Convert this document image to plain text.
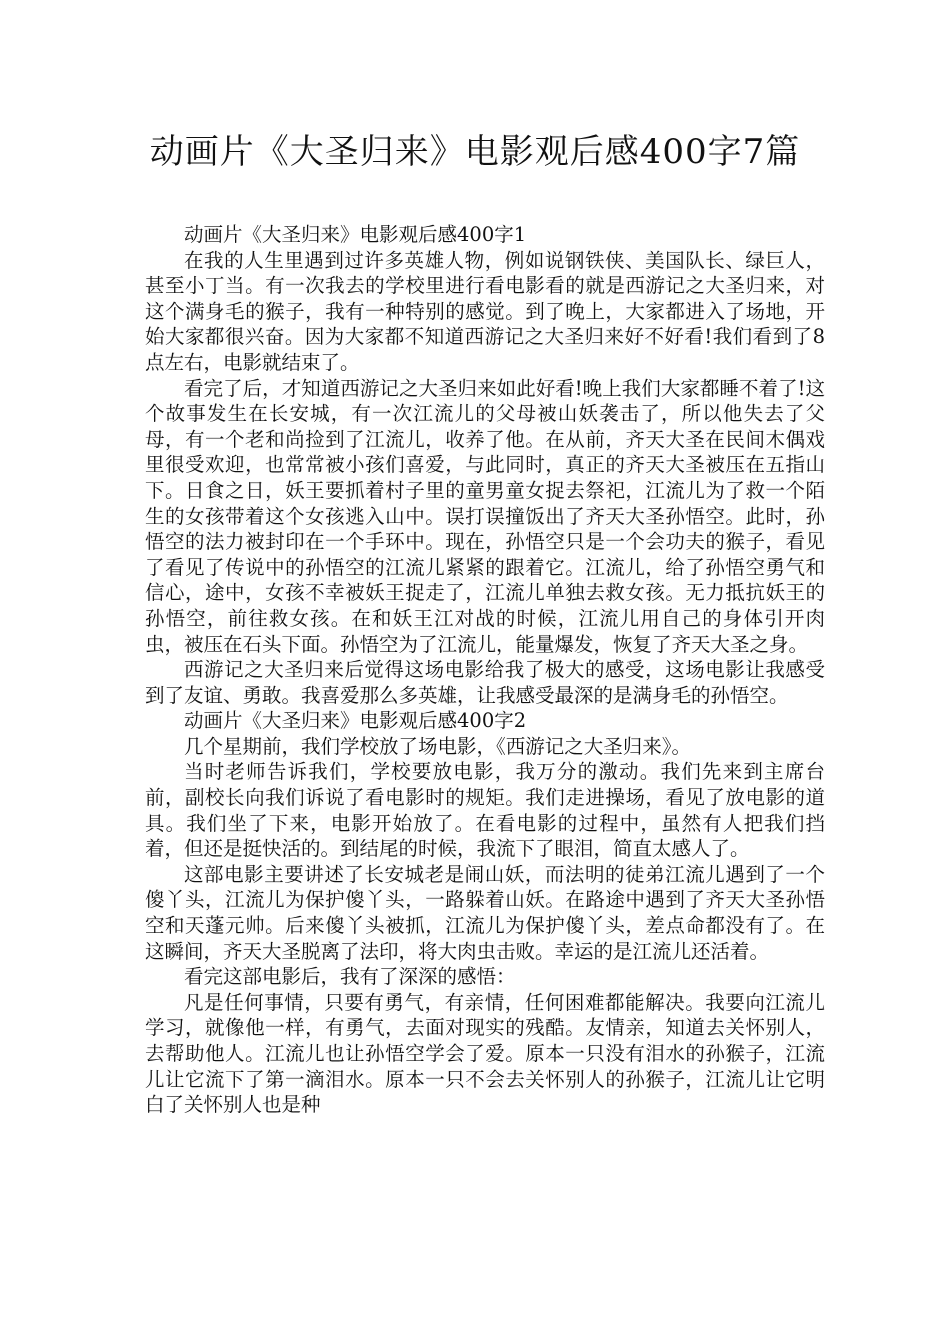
动画片《大圣归来》电影观后感400字7篇

动画片《大圣归来》电影观后感400字1

在我的人生里遇到过许多英雄人物，例如说钢铁侠、美国队长、绿巨人，甚至小丁当。有一次我去的学校里进行看电影看的就是西游记之大圣归来，对这个满身毛的猴子，我有一种特别的感觉。到了晚上，大家都进入了场地，开始大家都很兴奋。因为大家都不知道西游记之大圣归来好不好看!我们看到了8点左右，电影就结束了。

看完了后，才知道西游记之大圣归来如此好看!晚上我们大家都睡不着了!这个故事发生在长安城，有一次江流儿的父母被山妖袭击了，所以他失去了父母，有一个老和尚捡到了江流儿，收养了他。在从前，齐天大圣在民间木偶戏里很受欢迎，也常常被小孩们喜爱，与此同时，真正的齐天大圣被压在五指山下。日食之日，妖王要抓着村子里的童男童女捉去祭祀，江流儿为了救一个陌生的女孩带着这个女孩逃入山中。误打误撞饭出了齐天大圣孙悟空。此时，孙悟空的法力被封印在一个手环中。现在，孙悟空只是一个会功夫的猴子，看见了看见了传说中的孙悟空的江流儿紧紧的跟着它。江流儿，给了孙悟空勇气和信心，途中，女孩不幸被妖王捉走了，江流儿单独去救女孩。无力抵抗妖王的孙悟空，前往救女孩。在和妖王江对战的时候，江流儿用自己的身体引开肉虫，被压在石头下面。孙悟空为了江流儿，能量爆发，恢复了齐天大圣之身。

西游记之大圣归来后觉得这场电影给我了极大的感受，这场电影让我感受到了友谊、勇敢。我喜爱那么多英雄，让我感受最深的是满身毛的孙悟空。

动画片《大圣归来》电影观后感400字2

几个星期前，我们学校放了场电影，《西游记之大圣归来》。

当时老师告诉我们，学校要放电影，我万分的激动。我们先来到主席台前，副校长向我们诉说了看电影时的规矩。我们走进操场，看见了放电影的道具。我们坐了下来，电影开始放了。在看电影的过程中，虽然有人把我们挡着，但还是挺快活的。到结尾的时候，我流下了眼泪，简直太感人了。

这部电影主要讲述了长安城老是闹山妖，而法明的徒弟江流儿遇到了一个傻丫头，江流儿为保护傻丫头，一路躲着山妖。在路途中遇到了齐天大圣孙悟空和天蓬元帅。后来傻丫头被抓，江流儿为保护傻丫头，差点命都没有了。在这瞬间，齐天大圣脱离了法印，将大肉虫击败。幸运的是江流儿还活着。

看完这部电影后，我有了深深的感悟：

凡是任何事情，只要有勇气，有亲情，任何困难都能解决。我要向江流儿学习，就像他一样，有勇气，去面对现实的残酷。友情亲，知道去关怀别人，去帮助他人。江流儿也让孙悟空学会了爱。原本一只没有泪水的孙猴子，江流儿让它流下了第一滴泪水。原本一只不会去关怀别人的孙猴子，江流儿让它明白了关怀别人也是种
